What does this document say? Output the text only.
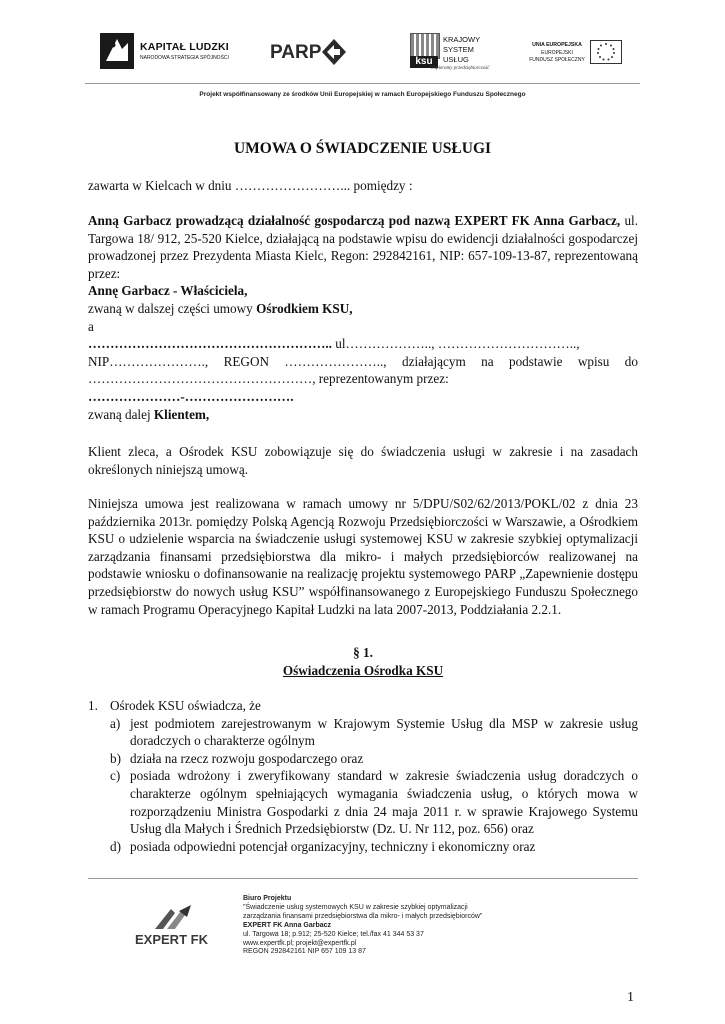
KAPITAŁ LUDZKI
NARODOWA STRATEGIA SPÓJNOŚCI PARP	ksu
KRAJOWY
SYSTEM
USŁUG
Wspieramy przedsiębiorczość
UNIA EUROPEJSKA
EUROPEJSKI
FUNDUSZ SPOŁECZNY
Projekt współfinansowany ze środków Unii Europejskiej w ramach Europejskiego Funduszu Społecznego
UMOWA O ŚWIADCZENIE USŁUGI

zawarta w Kielcach w dniu ……………………... pomiędzy :

Anną Garbacz prowadzącą działalność gospodarczą pod nazwą EXPERT FK Anna Garbacz, ul. Targowa 18/ 912, 25-520 Kielce, działającą na podstawie wpisu do ewidencji działalności gospodarczej prowadzonej przez Prezydenta Miasta Kielc, Regon: 292842161, NIP: 657-109-13-87, reprezentowaną przez:

Annę Garbacz - Właściciela,

zwaną w dalszej części umowy Ośrodkiem KSU,

a

……………………………………………….. ul……………….., …………………………..,

NIP…………………., REGON ………………….., działającym na podstawie wpisu do ……………………………………………, reprezentowanym przez:

…………………-…………………….

zwaną dalej Klientem,

Klient zleca, a Ośrodek KSU zobowiązuje się do świadczenia usługi w zakresie i na zasadach określonych niniejszą umową.

Niniejsza umowa jest realizowana w ramach umowy nr 5/DPU/S02/62/2013/POKL/02 z dnia 23 października 2013r. pomiędzy Polską Agencją Rozwoju Przedsiębiorczości w Warszawie, a Ośrodkiem KSU o udzielenie wsparcia na świadczenie usługi systemowej KSU w zakresie szybkiej optymalizacji zarządzania finansami przedsiębiorstwa dla mikro- i małych przedsiębiorców realizowanej na podstawie wniosku o dofinansowanie na realizację projektu systemowego PARP „Zapewnienie dostępu przedsiębiorstw do nowych usług KSU” współfinansowanego z Europejskiego Funduszu Społecznego w ramach Programu Operacyjnego Kapitał Ludzki na lata 2007-2013, Poddziałania 2.2.1.

§ 1.

Oświadczenia Ośrodka KSU

1. Ośrodek KSU oświadcza, że
a) jest podmiotem zarejestrowanym w Krajowym Systemie Usług dla MSP w zakresie usług doradczych o charakterze ogólnym
b) działa na rzecz rozwoju gospodarczego oraz
c) posiada wdrożony i zweryfikowany standard w zakresie świadczenia usług doradczych o charakterze ogólnym spełniających wymagania świadczenia usług, o których mowa w rozporządzeniu Ministra Gospodarki z dnia 24 maja 2011 r. w sprawie Krajowego Systemu Usług dla Małych i Średnich Przedsiębiorstw (Dz. U. Nr 112, poz. 656) oraz
d) posiada odpowiedni potencjał organizacyjny, techniczny i ekonomiczny oraz
EXPERT FK
Biuro Projektu
"Świadczenie usług systemowych KSU w zakresie szybkiej optymalizacji
zarządzania finansami przedsiębiorstwa dla mikro- i małych przedsiębiorców"
EXPERT FK Anna Garbacz
ul. Targowa 18; p.912; 25-520 Kielce; tel./fax 41 344 53 37
www.expertfk.pl; projekt@expertfk.pl
REGON 292842161 NIP 657 109 13 87
1
